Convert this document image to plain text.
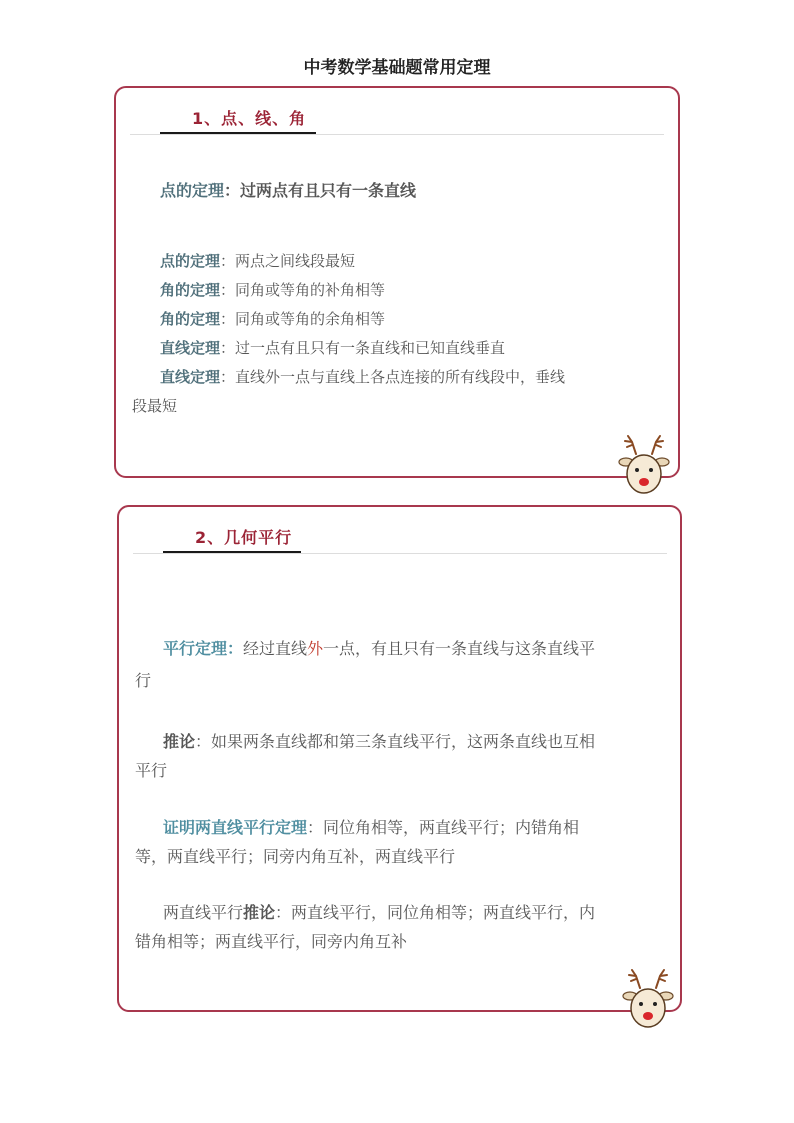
中考数学基础题常用定理
1、点、线、角
点的定理：过两点有且只有一条直线
点的定理：两点之间线段最短
角的定理：同角或等角的补角相等
角的定理：同角或等角的余角相等
直线定理：过一点有且只有一条直线和已知直线垂直
直线定理：直线外一点与直线上各点连接的所有线段中，垂线
段最短
2、几何平行
平行定理：经过直线外一点，有且只有一条直线与这条直线平
行
推论：如果两条直线都和第三条直线平行，这两条直线也互相
平行
证明两直线平行定理：同位角相等，两直线平行；内错角相
等，两直线平行；同旁内角互补，两直线平行
两直线平行推论：两直线平行，同位角相等；两直线平行，内
错角相等；两直线平行，同旁内角互补
